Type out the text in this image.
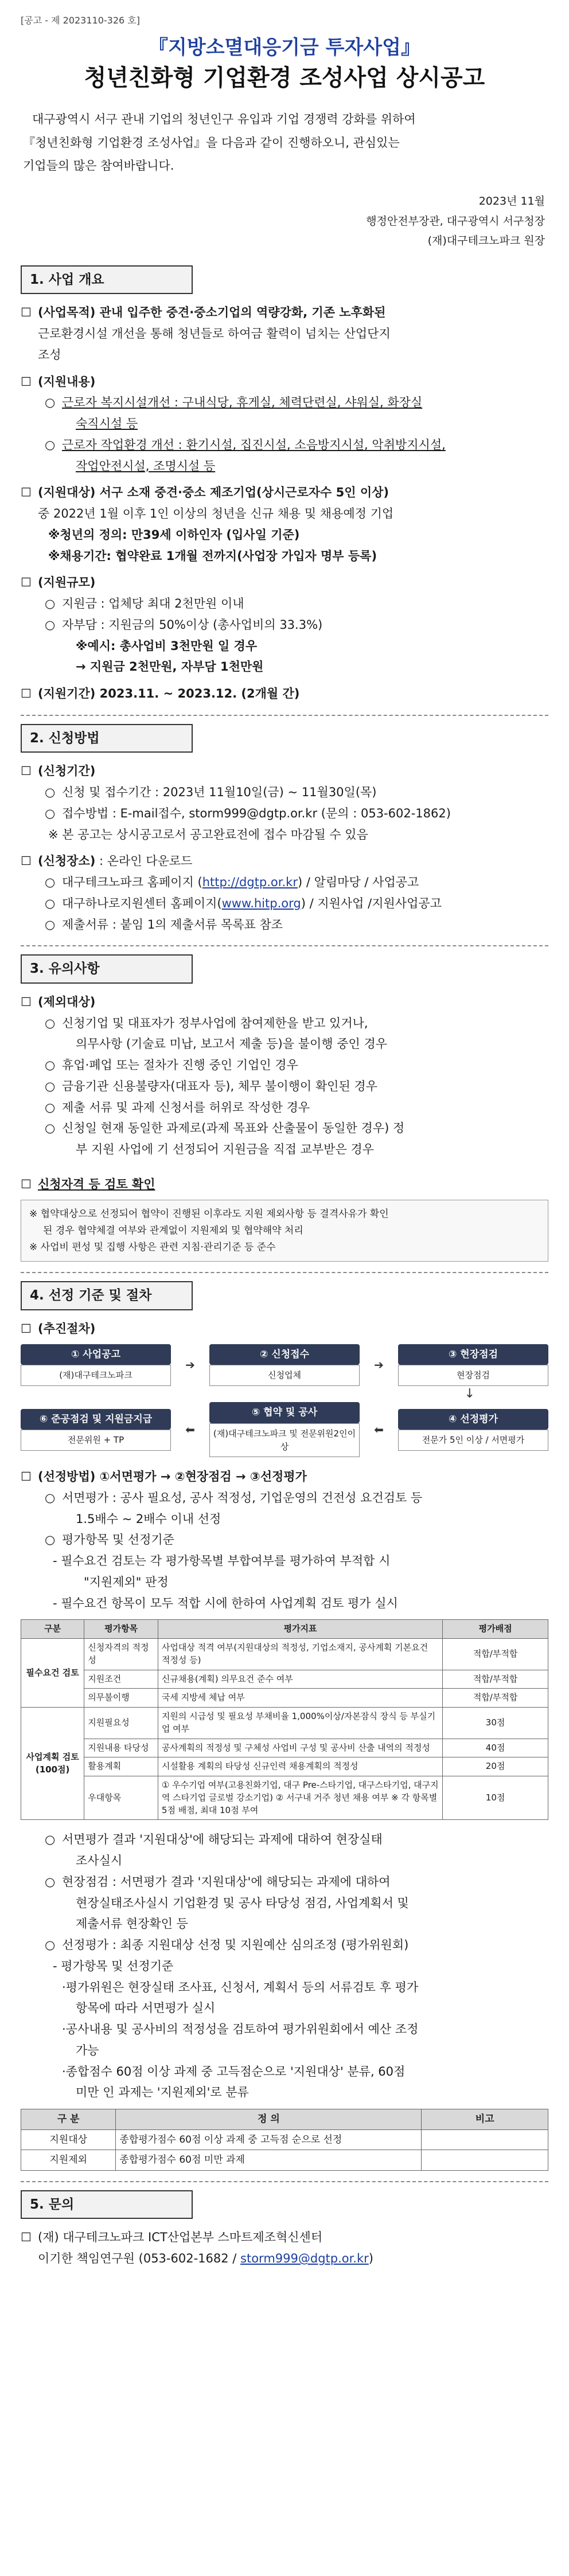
[공고 - 제 2023110-326 호]
『지방소멸대응기금 투자사업』
청년친화형 기업환경 조성사업 상시공고
대구광역시 서구 관내 기업의 청년인구 유입과 기업 경쟁력 강화를 위하여
『청년친화형 기업환경 조성사업』을 다음과 같이 진행하오니, 관심있는
기업들의 많은 참여바랍니다.
2023년 11월
행정안전부장관, 대구광역시 서구청장
(재)대구테크노파크 원장
1. 사업 개요
☐ (사업목적) 관내 입주한 중견·중소기업의 역량강화, 기존 노후화된
근로환경시설 개선을 통해 청년들로 하여금 활력이 넘치는 산업단지
조성
☐ (지원내용)
○ 근로자 복지시설개선 : 구내식당, 휴게실, 체력단련실, 샤워실, 화장실
숙직시설 등
○ 근로자 작업환경 개선 : 환기시설, 집진시설, 소음방지시설, 악취방지시설,
작업안전시설, 조명시설 등
☐ (지원대상) 서구 소재 중견·중소 제조기업(상시근로자수 5인 이상)
중 2022년 1월 이후 1인 이상의 청년을 신규 채용 및 채용예정 기업
※청년의 정의: 만39세 이하인자 (입사일 기준)
※채용기간: 협약완료 1개월 전까지(사업장 가입자 명부 등록)
☐ (지원규모)
○ 지원금 : 업체당 최대 2천만원 이내
○ 자부담 : 지원금의 50%이상 (총사업비의 33.3%)
※예시: 총사업비 3천만원 일 경우
→ 지원금 2천만원, 자부담 1천만원
☐ (지원기간) 2023.11. ~ 2023.12. (2개월 간)
2. 신청방법
☐ (신청기간)
○ 신청 및 접수기간 : 2023년 11월10일(금) ~ 11월30일(목)
○ 접수방법 : E-mail접수, storm999@dgtp.or.kr (문의 : 053-602-1862)
※ 본 공고는 상시공고로서 공고완료전에 접수 마감될 수 있음
☐ (신청장소) : 온라인 다운로드
○ 대구테크노파크 홈페이지 (http://dgtp.or.kr) / 알림마당 / 사업공고
○ 대구하나로지원센터 홈페이지(www.hitp.org) / 지원사업 /지원사업공고
○ 제출서류 : 붙임 1의 제출서류 목록표 참조
3. 유의사항
☐ (제외대상)
○ 신청기업 및 대표자가 정부사업에 참여제한을 받고 있거나,
의무사항 (기술료 미납, 보고서 제출 등)을 불이행 중인 경우
○ 휴업·폐업 또는 절차가 진행 중인 기업인 경우
○ 금융기관 신용불량자(대표자 등), 체무 불이행이 확인된 경우
○ 제출 서류 및 과제 신청서를 허위로 작성한 경우
○ 신청일 현재 동일한 과제로(과제 목표와 산출물이 동일한 경우) 정
부 지원 사업에 기 선정되어 지원금을 직접 교부받은 경우
☐ 신청자격 등 검토 확인
※ 협약대상으로 선정되어 협약이 진행된 이후라도 지원 제외사항 등 결격사유가 확인
된 경우 협약체결 여부와 관계없이 지원제외 및 협약해약 처리
※ 사업비 편성 및 집행 사항은 관련 지침·관리기준 등 준수
4. 선정 기준 및 절차
☐ (추진절차)
① 사업공고
(재)대구테크노파크
➔
② 신청접수
신청업체
➔
③ 현장점검
현장점검
↓
⑥ 준공점검 및 지원금지급
전문위원 + TP
⬅
⑤ 협약 및 공사
(재)대구테크노파크 및 전문위원2인이상
⬅
④ 선정평가
전문가 5인 이상 / 서면평가
☐ (선정방법) ①서면평가 → ②현장점검 → ③선정평가
○ 서면평가 : 공사 필요성, 공사 적정성, 기업운영의 건전성 요건검토 등
1.5배수 ~ 2배수 이내 선정
○ 평가항목 및 선정기준
- 필수요건 검토는 각 평가항목별 부합여부를 평가하여 부적합 시
"지원제외" 판정
- 필수요건 항목이 모두 적합 시에 한하여 사업계획 검토 평가 실시
구분	평가항목	평가지표	평가배점
필수요건 검토	신청자격의 적정성	사업대상 적격 여부(지원대상의 적정성, 기업소재지, 공사계획 기본요건 적정성 등)	적합/부적합
	지원조건	신규채용(계획) 의무요건 준수 여부	적합/부적합
	의무불이행	국세 지방세 체납 여부	적합/부적합
사업계획 검토 (100점)	지원필요성	지원의 시급성 및 필요성 부채비율 1,000%이상/자본잠식 장식 등 부실기업 여부	30점
	지원내용 타당성	공사계획의 적정성 및 구체성 사업비 구성 및 공사비 산출 내역의 적정성	40점
	활용계획	시설활용 계획의 타당성 신규인력 채용계획의 적정성	20점
	우대항목	① 우수기업 여부(고용친화기업, 대구 Pre-스타기업, 대구스타기업, 대구지역 스타기업 글로벌 강소기업) ② 서구내 거주 청년 채용 여부 ※ 각 항목별 5점 배점, 최대 10점 부여	10점
○ 서면평가 결과 '지원대상'에 해당되는 과제에 대하여 현장실태
조사실시
○ 현장점검 : 서면평가 결과 '지원대상'에 해당되는 과제에 대하여
현장실태조사실시 기업환경 및 공사 타당성 점검, 사업계획서 및
제출서류 현장확인 등
○ 선정평가 : 최종 지원대상 선정 및 지원예산 심의조정 (평가위원회)
- 평가항목 및 선정기준
·평가위원은 현장실태 조사표, 신청서, 계획서 등의 서류검토 후 평가
항목에 따라 서면평가 실시
·공사내용 및 공사비의 적정성을 검토하여 평가위원회에서 예산 조정
가능
·종합점수 60점 이상 과제 중 고득점순으로 '지원대상' 분류, 60점
미만 인 과제는 '지원제외'로 분류
구 분	정 의	비고
지원대상	종합평가점수 60점 이상 과제 중 고득점 순으로 선정	
지원제외	종합평가점수 60점 미만 과제	
5. 문의
☐ (재) 대구테크노파크 ICT산업본부 스마트제조혁신센터
이기한 책임연구원 (053-602-1682 / storm999@dgtp.or.kr)
